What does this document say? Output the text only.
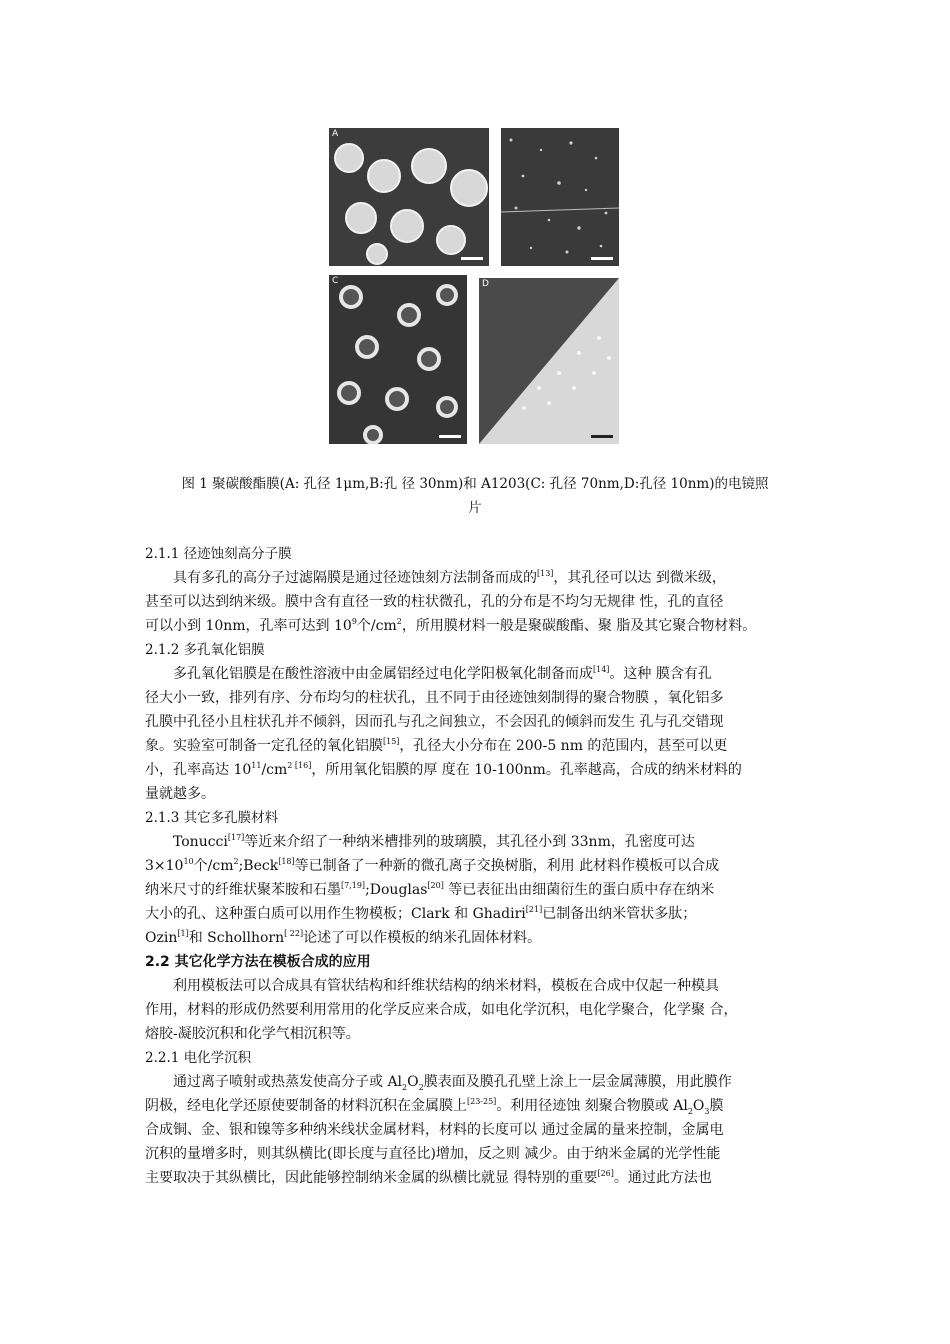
A
C	D
图 1 聚碳酸酯膜(A: 孔径 1μm,B:孔 径 30nm)和 A1203(C: 孔径 70nm,D:孔径 10nm)的电镜照
片
2.1.1 径迹蚀刻高分子膜
具有多孔的高分子过滤隔膜是通过径迹蚀刻方法制备而成的[13]，其孔径可以达 到微米级，
甚至可以达到纳米级。膜中含有直径一致的柱状微孔，孔的分布是不均匀无规律 性，孔的直径
可以小到 10nm，孔率可达到 $10^9$个$/cm^2$，所用膜材料一般是聚碳酸酯、聚 脂及其它聚合物材料。
2.1.2 多孔氧化铝膜
多孔氧化铝膜是在酸性溶液中由金属铝经过电化学阳极氧化制备而成[14]。这种 膜含有孔
径大小一致，排列有序、分布均匀的柱状孔，且不同于由径迹蚀刻制得的聚合物膜 ，氧化铝多
孔膜中孔径小且柱状孔并不倾斜，因而孔与孔之间独立，不会因孔的倾斜而发生 孔与孔交错现
象。实验室可制备一定孔径的氧化铝膜[15]，孔径大小分布在 200-5 nm 的范围内，甚至可以更
小，孔率高达 $10^{11}/cm^{2 [16]}$，所用氧化铝膜的厚 度在 10-100nm。孔率越高，合成的纳米材料的
量就越多。
2.1.3 其它多孔膜材料
Tonucci[17]等近来介绍了一种纳米槽排列的玻璃膜，其孔径小到 33nm，孔密度可达
$3\times 10^{10}$个$/cm^2;Beck[18]$等已制备了一种新的微孔离子交换树脂，利用 此材料作模板可以合成
纳米尺寸的纤维状聚苯胺和石墨[7,19];Douglas[20] 等已表征出由细菌衍生的蛋白质中存在纳米
大小的孔、这种蛋白质可以用作生物模板；Clark 和 Ghadiri[21]已制备出纳米管状多肽；
Ozin[1]和 Schollhorn[ 22]论述了可以作模板的纳米孔固体材料。
2.2 其它化学方法在模板合成的应用
利用模板法可以合成具有管状结构和纤维状结构的纳米材料，模板在合成中仅起一种模具
作用，材料的形成仍然要利用常用的化学反应来合成，如电化学沉积，电化学聚合，化学聚 合，
熔胶-凝胶沉积和化学气相沉积等。
2.2.1 电化学沉积
通过离子喷射或热蒸发使高分子或 $Al_2O_2$膜表面及膜孔孔壁上涂上一层金属薄膜，用此膜作
阴极，经电化学还原使要制备的材料沉积在金属膜上[23-25]。利用径迹蚀 刻聚合物膜或 $Al_2O_3$膜
合成铜、金、银和镍等多种纳米线状金属材料，材料的长度可以 通过金属的量来控制，金属电
沉积的量增多时，则其纵横比(即长度与直径比)增加，反之则 减少。由于纳米金属的光学性能
主要取决于其纵横比，因此能够控制纳米金属的纵横比就显 得特别的重要[26]。通过此方法也
